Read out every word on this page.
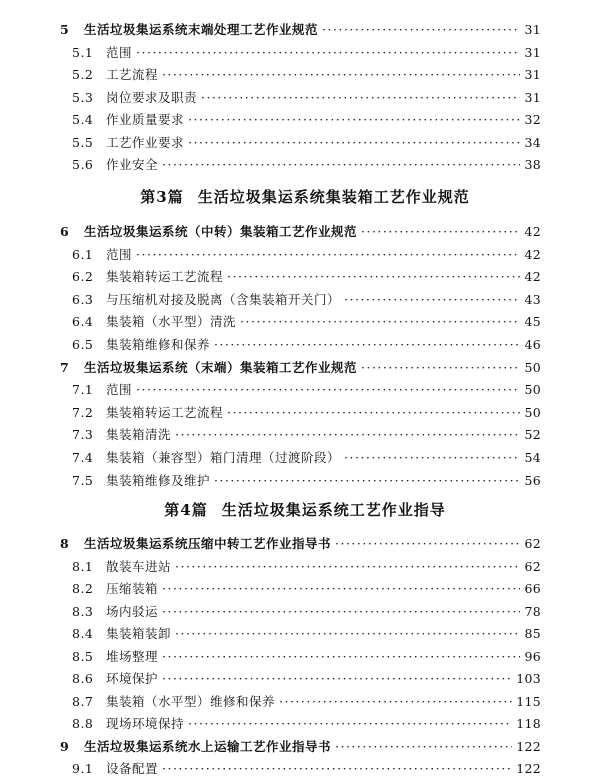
5	生活垃圾集运系统末端处理工艺作业规范 ·····	31
5.1	范围 ·····	31
5.2	工艺流程 ·····	31
5.3	岗位要求及职责 ·····	31
5.4	作业质量要求 ·····	32
5.5	工艺作业要求 ·····	34
5.6	作业安全 ·····	38
第3篇 生活垃圾集运系统集装箱工艺作业规范
6	生活垃圾集运系统（中转）集装箱工艺作业规范 ·····	42
6.1	范围 ·····	42
6.2	集装箱转运工艺流程 ·····	42
6.3	与压缩机对接及脱离（含集装箱开关门） ·····	43
6.4	集装箱（水平型）清洗 ·····	45
6.5	集装箱维修和保养 ·····	46
7	生活垃圾集运系统（末端）集装箱工艺作业规范 ·····	50
7.1	范围 ·····	50
7.2	集装箱转运工艺流程 ·····	50
7.3	集装箱清洗 ·····	52
7.4	集装箱（兼容型）箱门清理（过渡阶段） ·····	54
7.5	集装箱维修及维护 ·····	56
第4篇 生活垃圾集运系统工艺作业指导
8	生活垃圾集运系统压缩中转工艺作业指导书 ·····	62
8.1	散装车进站 ·····	62
8.2	压缩装箱 ·····	66
8.3	场内驳运 ·····	78
8.4	集装箱装卸 ·····	85
8.5	堆场整理 ·····	96
8.6	环境保护 ·····	103
8.7	集装箱（水平型）维修和保养 ·····	115
8.8	现场环境保持 ·····	118
9	生活垃圾集运系统水上运输工艺作业指导书 ·····	122
9.1	设备配置 ·····	122
